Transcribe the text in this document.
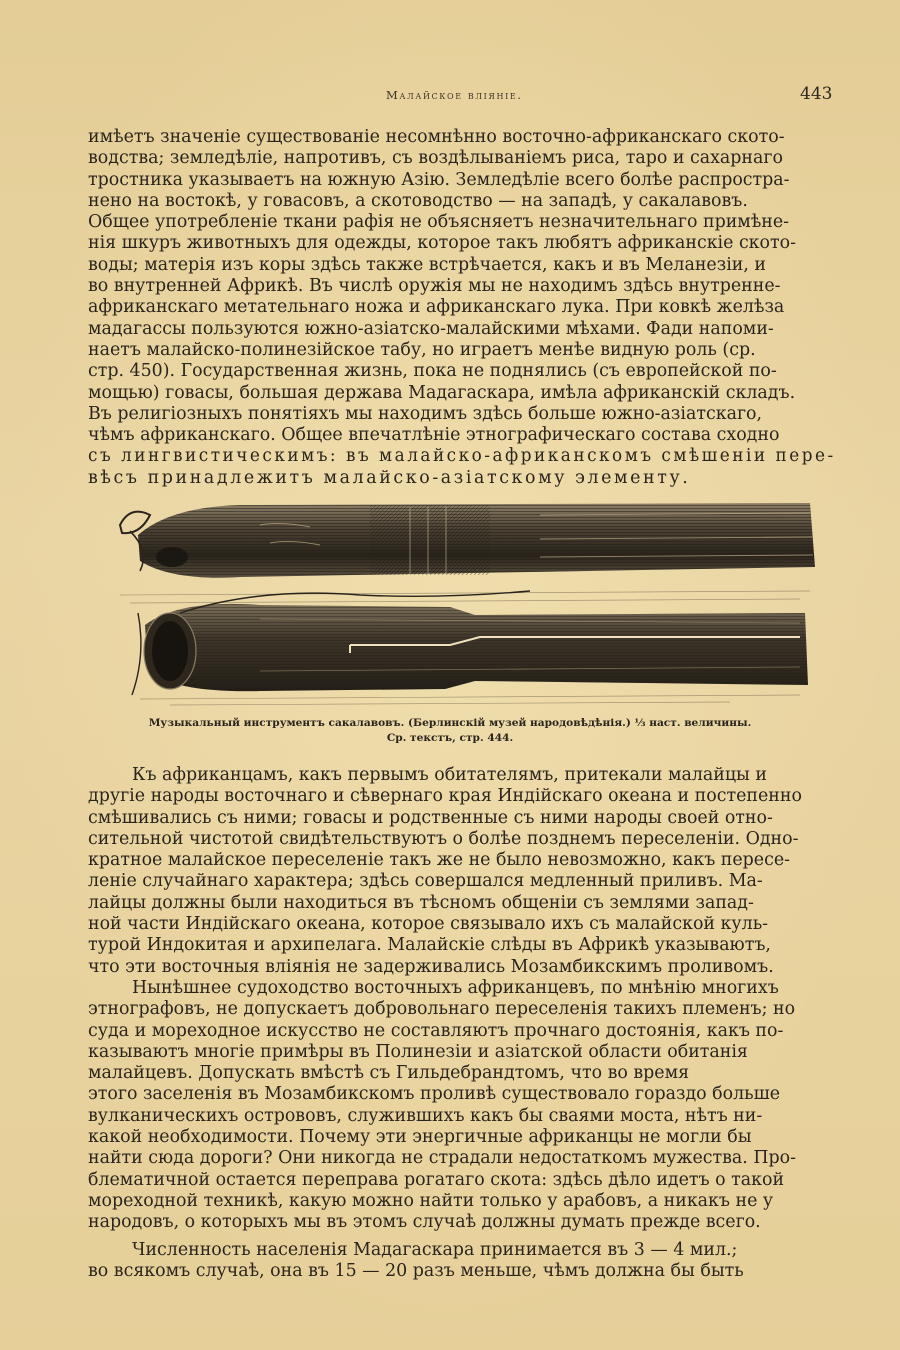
Малайское вліяніе.	443
имѣетъ значеніе существованіе несомнѣнно восточно-африканскаго ското-
водства; земледѣліе, напротивъ, съ воздѣлываніемъ риса, таро и сахарнаго
тростника указываетъ на южную Азію. Земледѣліе всего болѣе распростра-
нено на востокѣ, у говасовъ, а скотоводство — на западѣ, у сакалавовъ.
Общее употребленіе ткани рафія не объясняетъ незначительнаго примѣне-
нія шкуръ животныхъ для одежды, которое такъ любятъ африканскіе ското-
воды; матерія изъ коры здѣсь также встрѣчается, какъ и въ Меланезіи, и
во внутренней Африкѣ. Въ числѣ оружія мы не находимъ здѣсь внутренне-
африканскаго метательнаго ножа и африканскаго лука. При ковкѣ желѣза
мадагассы пользуются южно-азіатско-малайскими мѣхами. Фади напоми-
наетъ малайско-полинезійское табу, но играетъ менѣе видную роль (ср.
стр. 450). Государственная жизнь, пока не поднялись (съ европейской по-
мощью) говасы, большая держава Мадагаскара, имѣла африканскій складъ.
Въ религіозныхъ понятіяхъ мы находимъ здѣсь больше южно-азіатскаго,
чѣмъ африканскаго. Общее впечатлѣніе этнографическаго состава сходно
съ лингвистическимъ: въ малайско-африканскомъ смѣшеніи пере-
вѣсъ принадлежитъ малайско-азіатскому элементу.
Музыкальный инструментъ сакалавовъ. (Берлинскій музей народовѣдѣнія.) ⅓ наст. величины.
Ср. текстъ, стр. 444.
Къ африканцамъ, какъ первымъ обитателямъ, притекали малайцы и
другіе народы восточнаго и сѣвернаго края Индійскаго океана и постепенно
смѣшивались съ ними; говасы и родственные съ ними народы своей отно-
сительной чистотой свидѣтельствуютъ о болѣе позднемъ переселеніи. Одно-
кратное малайское переселеніе такъ же не было невозможно, какъ пересе-
леніе случайнаго характера; здѣсь совершался медленный приливъ. Ма-
лайцы должны были находиться въ тѣсномъ общеніи съ землями запад-
ной части Индійскаго океана, которое связывало ихъ съ малайской куль-
турой Индокитая и архипелага. Малайскіе слѣды въ Африкѣ указываютъ,
что эти восточныя вліянія не задерживались Мозамбикскимъ проливомъ.
Нынѣшнее судоходство восточныхъ африканцевъ, по мнѣнію многихъ
этнографовъ, не допускаетъ добровольнаго переселенія такихъ племенъ; но
суда и мореходное искусство не составляютъ прочнаго достоянія, какъ по-
казываютъ многіе примѣры въ Полинезіи и азіатской области обитанія
малайцевъ. Допускать вмѣстѣ съ Гильдебрандтомъ, что во время
этого заселенія въ Мозамбикскомъ проливѣ существовало гораздо больше
вулканическихъ острововъ, служившихъ какъ бы сваями моста, нѣтъ ни-
какой необходимости. Почему эти энергичные африканцы не могли бы
найти сюда дороги? Они никогда не страдали недостаткомъ мужества. Про-
блематичной остается переправа рогатаго скота: здѣсь дѣло идетъ о такой
мореходной техникѣ, какую можно найти только у арабовъ, а никакъ не у
народовъ, о которыхъ мы въ этомъ случаѣ должны думать прежде всего.
Численность населенія Мадагаскара принимается въ 3 — 4 мил.;
во всякомъ случаѣ, она въ 15 — 20 разъ меньше, чѣмъ должна бы быть
